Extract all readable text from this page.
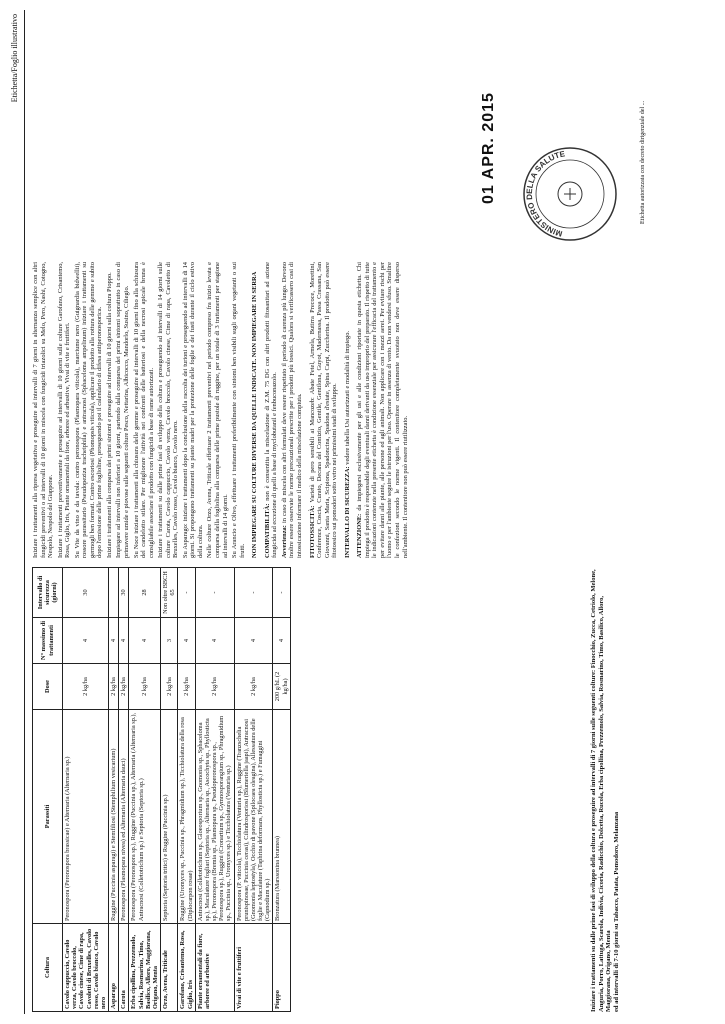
Etichetta/Foglio illustrativo
Coltura	Parassiti	Dose	N° massimo di trattamenti	Intervallo di sicurezza (giorni)
Cavolo cappuccio, Cavolo verza, Cavolo broccolo, Cavolo cinese, Cime di rapa, Cavoletti di Bruxelles, Cavolo rosso, Cavolo bianco, Cavolo nero	Peronospora (Peronospora brassicae) e Alternaria (Alternaria sp.)	2 kg/ha	4	30
Asparago	Ruggine (Puccinia asparagi) e Stemfiliosi (Stemphilium vesicarium)	2 kg/ha	4	
Carota	Peronospora (Plasmopara nivea) ed Alternaria (Alternaria dauci)	2 kg/ha	4	30
Erba cipollina, Prezzemolo, Salvia, Rosmarino, Timo, Basilico, Alloro, Maggiorana, Origano, Menta	Peronospora (Peronospora sp.), Ruggine (Puccinia sp.), Alternaria (Alternaria sp.), Antracnosi (Colletotrichum sp.) e Septoria (Septoria sp.)	2 kg/ha	4	28
Orzo, Avena, Triticale	Septoria (Septoria tritici) e Ruggine (Puccinia sp.)	2 kg/ha	3	Non oltre BBCH 65
Garofano, Crisantemo, Rosa, Giglio, Iris	Ruggine (Uromyces sp., Puccinia sp., Phragmidium sp.), Ticchiolatura della rosa (Diplocarpon rosae)	2 kg/ha	4	-
Piante ornamentali da fiore, arboree ed arbustive	Antracnosi (Colletotrichum sp., Gloeosporium sp., Gnomonia sp., Sphaceloma sp.), Maculature fogliari (Septoria sp., Alternaria sp., Ascochyta sp., Phyllosticta sp.), Peronospora (Bremia sp., Plasmopara sp., Pseudoperonospora sp., Peronospora sp.), Ruggini (Cronartium sp., Gymnosporangium sp., Phragmidium sp., Puccinia sp., Uromyces sp.) e Ticchiolatura (Venturia sp.)	2 kg/ha	4	-
Vivai di vite e fruttiferi	Peronospora (P. viticola), Ticchiolatura (Venturia sp.), Ruggine (Tranzschelia prunispinosae, Puccinia cerasi), Cilindrosporiosi (Blumeriella jaapi), Antracnosi (Gnomonia leptostyla), Occhio di pavone (Spilocaea oleagina), Allessatura delle foglie e Maculature (Taphrina deformans, Phyllosticta sp.) e Fumaggini (Capnodium sp.)	2 kg/ha	4	-
Pioppo	Bronzatura (Marssonina brunnea)	200 g/hL (2 kg/ha)	4	-	Iniziare i trattamenti su dalle prime fasi di sviluppo della coltura e proseguire ad intervalli di 7 giorni sulle seguenti colture: Finocchio, Zucca, Cetriolo, Melone, Anguria, Porro, Lattuga, Scarola, Indivia, Cicoria, Radicchio, Dolcetta, Rucola, Erba cipollina, Prezzemolo, Salvia, Rosmarino, Timo, Basilico, Alloro, Maggiorana, Origano, Menta ed ad intervalli di 7-10 giorni su Tabacco, Patata, Pomodoro, Melanzana

Iniziare i trattamenti alla ripresa vegetativa e proseguire ad intervalli di 7 giorni in alternanza semplice con altri fungicidi preventivi o ad intervalli di 10 giorni in miscela con fungicidi triazolici su Melo, Pero, Nashi, Cotogno, Nespolo, Nespolo del Giappone. Iniziare i trattamenti preventivamente e proseguire ad intervalli di 10 giorni sulle colture Garofano, Crisantemo, Rosa, Giglio, Iris, Piante ornamentali da fiore, arboree ed arbustive, Vivai di vite e fruttiferi. Su Vite da vino e da tavola: contro peronospora (Plasmopara viticola), marciume nero (Guignardia bidwellii), rossore parassitario (Pseudopeziza tracheiphila) e antracnosi (Sphaceloma ampelinum) iniziare i trattamenti su germogli ben formati. Contro escoriosi (Phomopsis viticola), applicare il prodotto alla rottura delle gemme e subito dopo l'emissione delle prime foglioline, proseguendo poi il calendario di difesa antiperonosporica. Iniziare i trattamenti alla comparsa dei primi sintomi e proseguire ad intervalli di 10 giorni sulla coltura Pioppo. Impiegare ad intervalli non inferiori a 10 giorni, partendo dalla comparsa dei primi sintomi soprattutto in caso di primavere umide e piovose sulle seguenti colture Pesco, Nettarina, Albicocco, Mandorlo, Susino, Ciliegio. Su Noce iniziare i trattamenti alla chiusura delle gemme e proseguire ad intervalli di 10 giorni fino alla schiusura del candelotto stilare. Per migliorare l'attività nei confronti delle batteriosi e della necrosi apicale bruna è consigliabile associare il prodotto con fungicidi a base di rame autorizzati. Iniziare i trattamenti su dalle prime fasi di sviluppo della coltura e proseguendo ad intervalli di 14 giorni sulle colture Carota, Cavolo cappuccio, Cavolo verza, Cavolo broccolo, Cavolo cinese, Cime di rapa, Cavoletto di Bruxelles, Cavolo rosso, Cavolo bianco, Cavolo nero. Su Asparago: iniziare i trattamenti dopo la conclusione della raccolta dei turioni e proseguendo ad intervalli di 14 giorni. Si propongono trattamenti su piante madri per la protezione delle foglie e dei fusti durante il ciclo estivo della coltura. Nelle colture Orzo, Avena, Triticale effettuare 2 trattamenti preventivi nel periodo compreso fra inizio levata e comparsa della fogliolina alla comparsa delle prime pustole di ruggine, per un totale di 3 trattamenti per stagione ad intervalli di 14 giorni. Su Arancio e Olivo, effettuare i trattamenti preferibilmente con sintomi ben visibili sugli organi vegetanti o sui frutti. NON IMPIEGARE SU COLTURE DIVERSE DA QUELLE INDICATE. NON IMPIEGARE IN SERRA COMPATIBILITÀ: non è consentita la miscelazione di Z.M. 75 DG con altri prodotti fitosanitari ad azione fungicida ad eccezione di quelli a base di myclobutanil e fenbuconazolo. Avvertenza: in caso di miscela con altri formulati deve essere rispettato il periodo di carenza più lungo. Devono inoltre essere osservate le norme precauzionali prescritte per i prodotti più tossici. Qualora si verificassero casi di intossicazione informare il medico della miscelazione compiuta. FITOTOSSICITÀ: Varietà di pero sensibili ai Mancozeb: Abate Fetel, Armela, Butirra Precoce, Morettini, Conference, Coscia, Curato, Decana del Comizio, Gentile, Gentilona, Guyot, Madernassa, Passa Crassana, San Giovanni, Santa Maria, Scipiona, Spadoncina, Spadona d'estate, Spina Carpi, Zuccherina. Il prodotto può essere fitotossico sui pomodori sotto vetro nei primissimi stadi di sviluppo. INTERVALLO DI SICUREZZA: vedere tabella Usi autorizzati e modalità di impiego.

ATTENZIONE: da impiegarsi esclusivamente per gli usi e alle condizioni riportate in questa etichetta. Chi impiega il prodotto è responsabile degli eventuali danni derivanti da uso improprio del preparato. Il rispetto di tutte le indicazioni contenute nella presente etichetta è condizione essenziale per assicurare l'efficacia del trattamento e per evitare danni alle piante, alle persone ed agli animali. Non applicare con i mezzi aerei. Per evitare rischi per l'uomo e per l'ambiente seguire le istruzioni per l'uso. Operare in assenza di vento. Da non vendersi sfuso. Smaltire le confezioni secondo le norme vigenti. Il contenitore completamente svuotato non deve essere disperso nell'ambiente. Il contenitore non può essere riutilizzato.

01 APR. 2015
MINISTERO DELLA SALUTE	Etichetta autorizzata con decreto dirigenziale del ...
